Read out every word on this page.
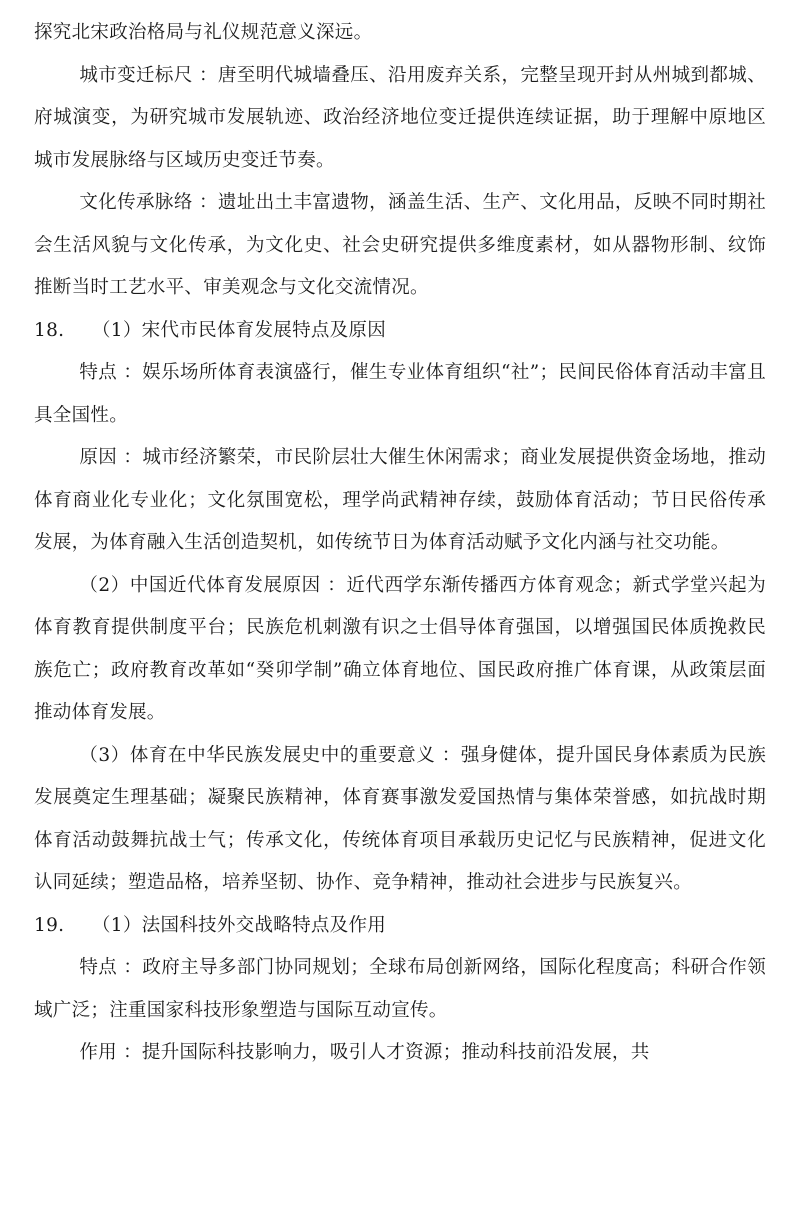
探究北宋政治格局与礼仪规范意义深远。

城市变迁标尺 ：唐至明代城墙叠压、沿用废弃关系，完整呈现开封从州城到都城、府城演变，为研究城市发展轨迹、政治经济地位变迁提供连续证据，助于理解中原地区城市发展脉络与区域历史变迁节奏。

文化传承脉络 ：遗址出土丰富遗物，涵盖生活、生产、文化用品，反映不同时期社会生活风貌与文化传承，为文化史、社会史研究提供多维度素材，如从器物形制、纹饰推断当时工艺水平、审美观念与文化交流情况。

18.	（1）宋代市民体育发展特点及原因

特点 ：娱乐场所体育表演盛行，催生专业体育组织“社”；民间民俗体育活动丰富且具全国性。

原因 ：城市经济繁荣，市民阶层壮大催生休闲需求；商业发展提供资金场地，推动体育商业化专业化；文化氛围宽松，理学尚武精神存续，鼓励体育活动；节日民俗传承发展，为体育融入生活创造契机，如传统节日为体育活动赋予文化内涵与社交功能。

（2）中国近代体育发展原因 ：近代西学东渐传播西方体育观念；新式学堂兴起为体育教育提供制度平台；民族危机刺激有识之士倡导体育强国，以增强国民体质挽救民族危亡；政府教育改革如“癸卯学制”确立体育地位、国民政府推广体育课，从政策层面推动体育发展。

（3）体育在中华民族发展史中的重要意义 ：强身健体，提升国民身体素质为民族发展奠定生理基础；凝聚民族精神，体育赛事激发爱国热情与集体荣誉感，如抗战时期体育活动鼓舞抗战士气；传承文化，传统体育项目承载历史记忆与民族精神，促进文化认同延续；塑造品格，培养坚韧、协作、竞争精神，推动社会进步与民族复兴。

19.	（1）法国科技外交战略特点及作用

特点 ：政府主导多部门协同规划；全球布局创新网络，国际化程度高；科研合作领域广泛；注重国家科技形象塑造与国际互动宣传。

作用 ：提升国际科技影响力，吸引人才资源；推动科技前沿发展，共
